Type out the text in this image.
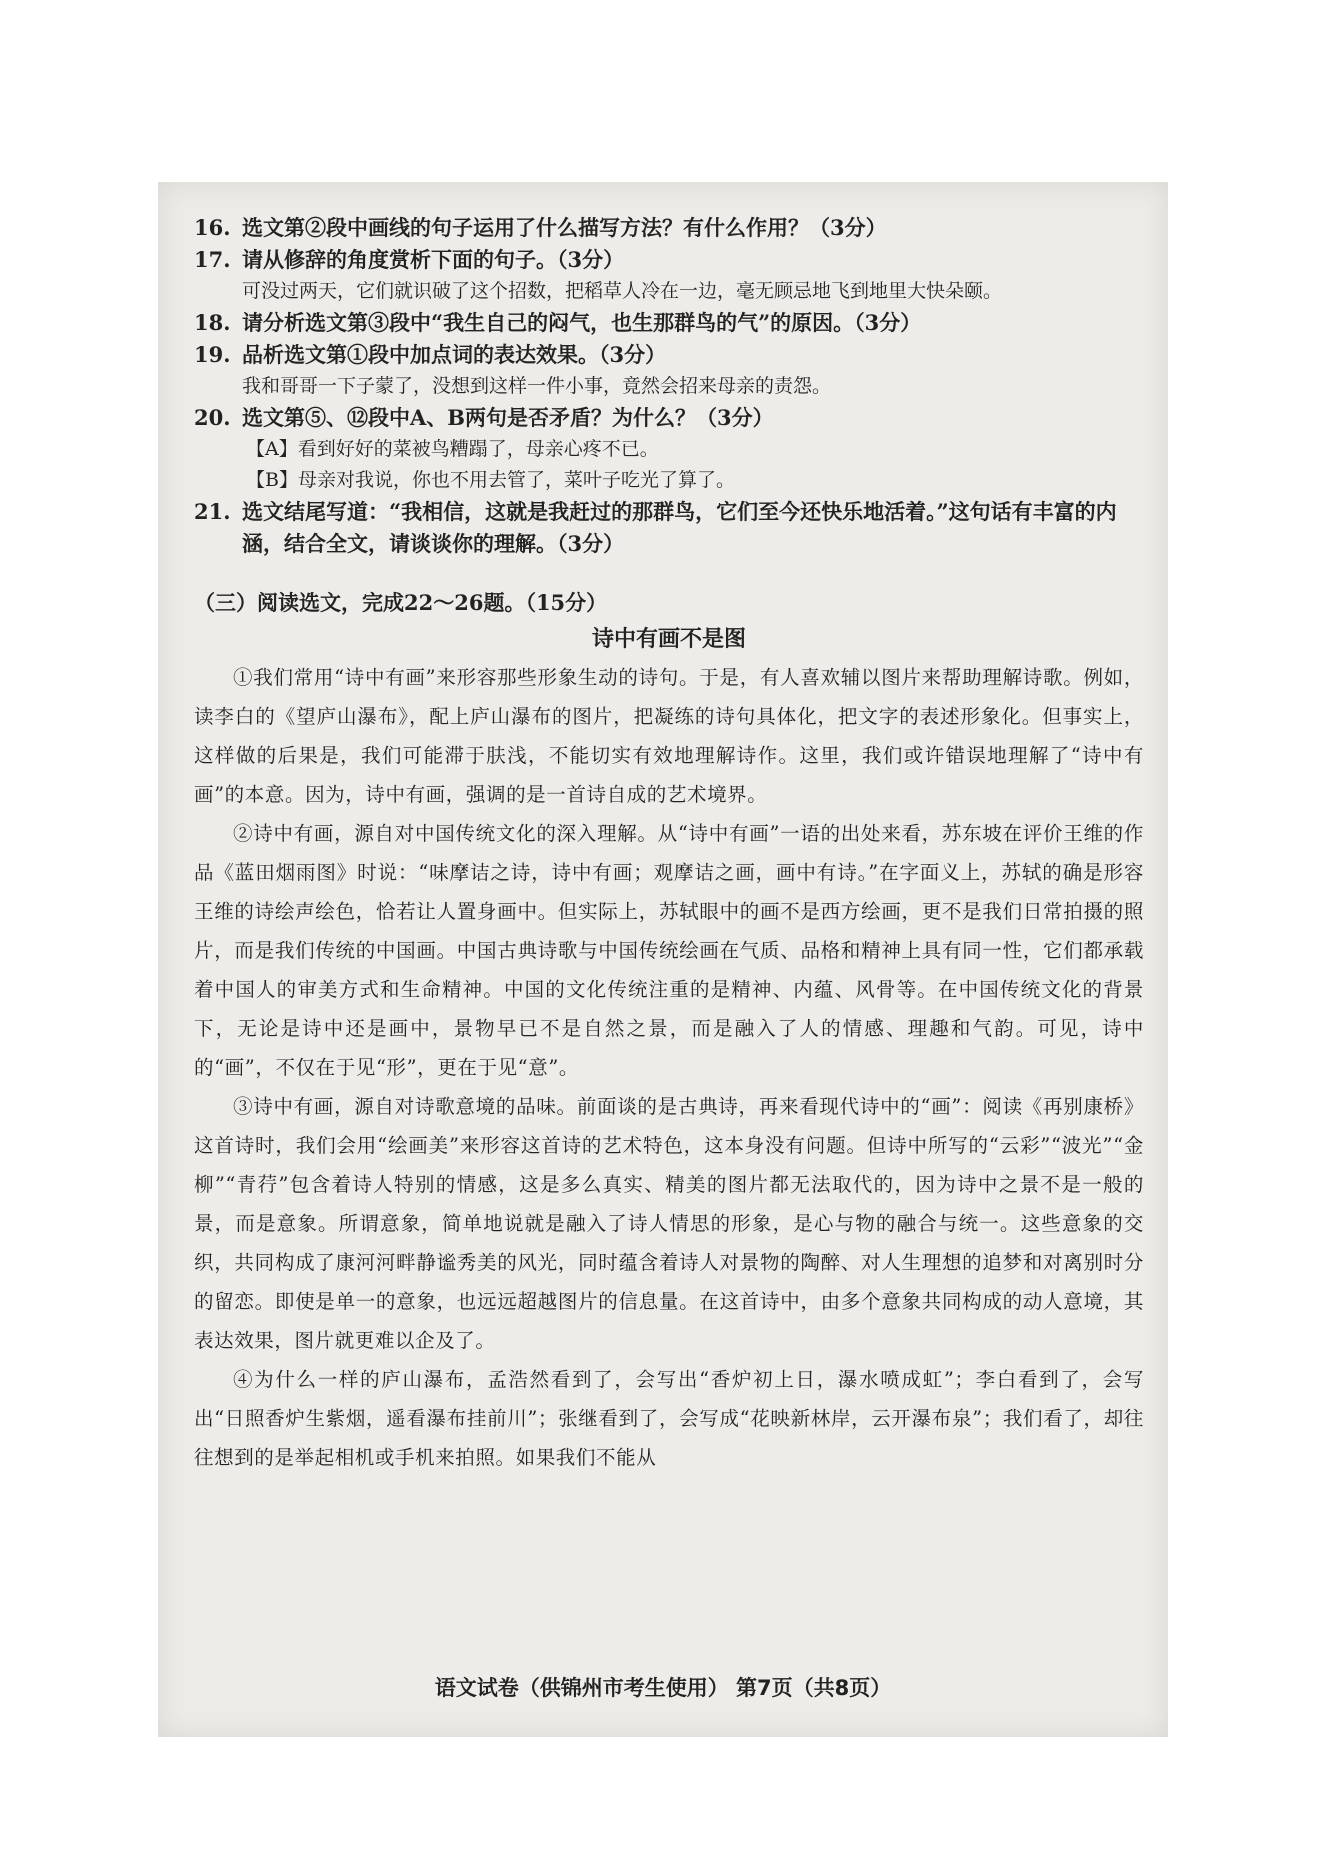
16. 选文第②段中画线的句子运用了什么描写方法？有什么作用？（3分）
17. 请从修辞的角度赏析下面的句子。（3分）
可没过两天，它们就识破了这个招数，把稻草人冷在一边，毫无顾忌地飞到地里大快朵颐。
18. 请分析选文第③段中“我生自己的闷气，也生那群鸟的气”的原因。（3分）
19. 品析选文第①段中加点词的表达效果。（3分）
我和哥哥一下子蒙了，没想到这样一件小事，竟然会招来母亲的责怨。
20. 选文第⑤、⑫段中A、B两句是否矛盾？为什么？（3分）
【A】看到好好的菜被鸟糟蹋了，母亲心疼不已。
【B】母亲对我说，你也不用去管了，菜叶子吃光了算了。
21. 选文结尾写道：“我相信，这就是我赶过的那群鸟，它们至今还快乐地活着。”这句话有丰富的内涵，结合全文，请谈谈你的理解。（3分）
（三）阅读选文，完成22～26题。（15分）
诗中有画不是图
①我们常用“诗中有画”来形容那些形象生动的诗句。于是，有人喜欢辅以图片来帮助理解诗歌。例如，读李白的《望庐山瀑布》，配上庐山瀑布的图片，把凝练的诗句具体化，把文字的表述形象化。但事实上，这样做的后果是，我们可能滞于肤浅，不能切实有效地理解诗作。这里，我们或许错误地理解了“诗中有画”的本意。因为，诗中有画，强调的是一首诗自成的艺术境界。
②诗中有画，源自对中国传统文化的深入理解。从“诗中有画”一语的出处来看，苏东坡在评价王维的作品《蓝田烟雨图》时说：“味摩诘之诗，诗中有画；观摩诘之画，画中有诗。”在字面义上，苏轼的确是形容王维的诗绘声绘色，恰若让人置身画中。但实际上，苏轼眼中的画不是西方绘画，更不是我们日常拍摄的照片，而是我们传统的中国画。中国古典诗歌与中国传统绘画在气质、品格和精神上具有同一性，它们都承载着中国人的审美方式和生命精神。中国的文化传统注重的是精神、内蕴、风骨等。在中国传统文化的背景下，无论是诗中还是画中，景物早已不是自然之景，而是融入了人的情感、理趣和气韵。可见，诗中的“画”，不仅在于见“形”，更在于见“意”。
③诗中有画，源自对诗歌意境的品味。前面谈的是古典诗，再来看现代诗中的“画”：阅读《再别康桥》这首诗时，我们会用“绘画美”来形容这首诗的艺术特色，这本身没有问题。但诗中所写的“云彩”“波光”“金柳”“青荇”包含着诗人特别的情感，这是多么真实、精美的图片都无法取代的，因为诗中之景不是一般的景，而是意象。所谓意象，简单地说就是融入了诗人情思的形象，是心与物的融合与统一。这些意象的交织，共同构成了康河河畔静谧秀美的风光，同时蕴含着诗人对景物的陶醉、对人生理想的追梦和对离别时分的留恋。即使是单一的意象，也远远超越图片的信息量。在这首诗中，由多个意象共同构成的动人意境，其表达效果，图片就更难以企及了。
④为什么一样的庐山瀑布，孟浩然看到了，会写出“香炉初上日，瀑水喷成虹”；李白看到了，会写出“日照香炉生紫烟，遥看瀑布挂前川”；张继看到了，会写成“花映新林岸，云开瀑布泉”；我们看了，却往往想到的是举起相机或手机来拍照。如果我们不能从
语文试卷（供锦州市考生使用） 第7页（共8页）
